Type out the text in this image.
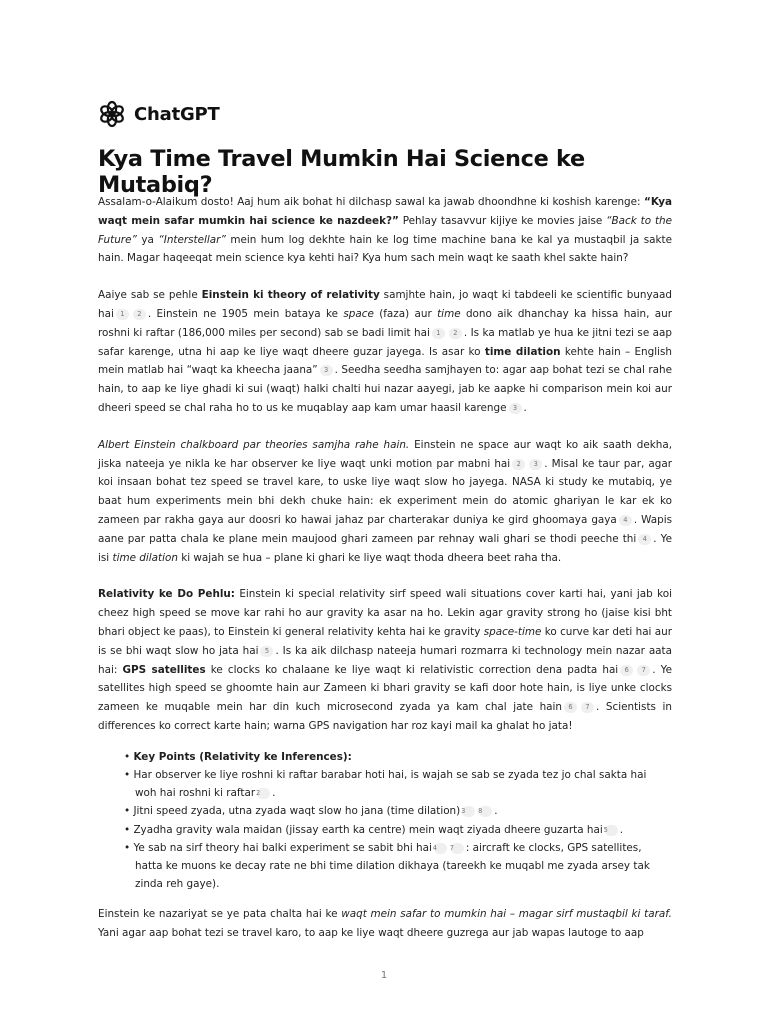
ChatGPT
Kya Time Travel Mumkin Hai Science ke Mutabiq?

Assalam-o-Alaikum dosto! Aaj hum aik bohat hi dilchasp sawal ka jawab dhoondhne ki koshish karenge: “Kya waqt mein safar mumkin hai science ke nazdeek?” Pehlay tasavvur kijiye ke movies jaise “Back to the Future” ya “Interstellar” mein hum log dekhte hain ke log time machine bana ke kal ya mustaqbil ja sakte hain. Magar haqeeqat mein science kya kehti hai? Kya hum sach mein waqt ke saath khel sakte hain?

Aaiye sab se pehle Einstein ki theory of relativity samjhte hain, jo waqt ki tabdeeli ke scientific bunyaad hai 1 2 . Einstein ne 1905 mein bataya ke space (faza) aur time dono aik dhanchay ka hissa hain, aur roshni ki raftar (186,000 miles per second) sab se badi limit hai 1 2 . Is ka matlab ye hua ke jitni tezi se aap safar karenge, utna hi aap ke liye waqt dheere guzar jayega. Is asar ko time dilation kehte hain – English mein matlab hai “waqt ka kheecha jaana” 3 . Seedha seedha samjhayen to: agar aap bohat tezi se chal rahe hain, to aap ke liye ghadi ki sui (waqt) halki chalti hui nazar aayegi, jab ke aapke hi comparison mein koi aur dheeri speed se chal raha ho to us ke muqablay aap kam umar haasil karenge 3 .

Albert Einstein chalkboard par theories samjha rahe hain. Einstein ne space aur waqt ko aik saath dekha, jiska nateeja ye nikla ke har observer ke liye waqt unki motion par mabni hai 2 3 . Misal ke taur par, agar koi insaan bohat tez speed se travel kare, to uske liye waqt slow ho jayega. NASA ki study ke mutabiq, ye baat hum experiments mein bhi dekh chuke hain: ek experiment mein do atomic ghariyan le kar ek ko zameen par rakha gaya aur doosri ko hawai jahaz par charterakar duniya ke gird ghoomaya gaya 4 . Wapis aane par patta chala ke plane mein maujood ghari zameen par rehnay wali ghari se thodi peeche thi 4 . Ye isi time dilation ki wajah se hua – plane ki ghari ke liye waqt thoda dheera beet raha tha.

Relativity ke Do Pehlu: Einstein ki special relativity sirf speed wali situations cover karti hai, yani jab koi cheez high speed se move kar rahi ho aur gravity ka asar na ho. Lekin agar gravity strong ho (jaise kisi bht bhari object ke paas), to Einstein ki general relativity kehta hai ke gravity space-time ko curve kar deti hai aur is se bhi waqt slow ho jata hai 5 . Is ka aik dilchasp nateeja humari rozmarra ki technology mein nazar aata hai: GPS satellites ke clocks ko chalaane ke liye waqt ki relativistic correction dena padta hai 6 7 . Ye satellites high speed se ghoomte hain aur Zameen ki bhari gravity se kafi door hote hain, is liye unke clocks zameen ke muqable mein har din kuch microsecond zyada ya kam chal jate hain 6 7 . Scientists in differences ko correct karte hain; warna GPS navigation har roz kayi mail ka ghalat ho jata!

• Key Points (Relativity ke Inferences):
• Har observer ke liye roshni ki raftar barabar hoti hai, is wajah se sab se zyada tez jo chal sakta hai woh hai roshni ki raftar2 .
• Jitni speed zyada, utna zyada waqt slow ho jana (time dilation)3 8 .
• Zyadha gravity wala maidan (jissay earth ka centre) mein waqt ziyada dheere guzarta hai5 .
• Ye sab na sirf theory hai balki experiment se sabit bhi hai4 7 : aircraft ke clocks, GPS satellites, hatta ke muons ke decay rate ne bhi time dilation dikhaya (tareekh ke muqabl me zyada arsey tak zinda reh gaye).

Einstein ke nazariyat se ye pata chalta hai ke waqt mein safar to mumkin hai – magar sirf mustaqbil ki taraf. Yani agar aap bohat tezi se travel karo, to aap ke liye waqt dheere guzrega aur jab wapas lautoge to aap

1
